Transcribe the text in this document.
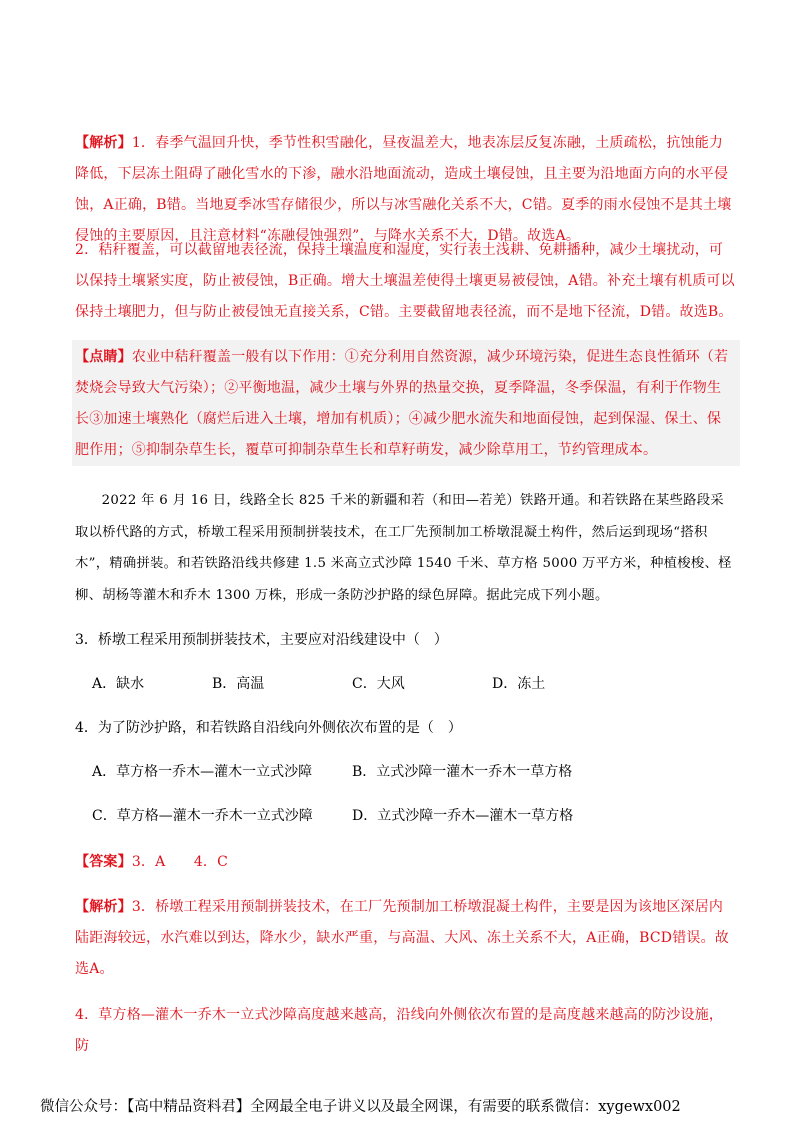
【解析】1．春季气温回升快，季节性积雪融化，昼夜温差大，地表冻层反复冻融，土质疏松，抗蚀能力降低，下层冻土阻碍了融化雪水的下渗，融水沿地面流动，造成土壤侵蚀，且主要为沿地面方向的水平侵蚀，A正确，B错。当地夏季冰雪存储很少，所以与冰雪融化关系不大，C错。夏季的雨水侵蚀不是其土壤侵蚀的主要原因，且注意材料“冻融侵蚀强烈”，与降水关系不大，D错。故选A。
2．秸秆覆盖，可以截留地表径流，保持土壤温度和湿度，实行表土浅耕、免耕播种，减少土壤扰动，可以保持土壤紧实度，防止被侵蚀，B正确。增大土壤温差使得土壤更易被侵蚀，A错。补充土壤有机质可以保持土壤肥力，但与防止被侵蚀无直接关系，C错。主要截留地表径流，而不是地下径流，D错。故选B。
【点睛】农业中秸秆覆盖一般有以下作用：①充分利用自然资源，减少环境污染，促进生态良性循环（若焚烧会导致大气污染）；②平衡地温，减少土壤与外界的热量交换，夏季降温，冬季保温，有利于作物生长③加速土壤熟化（腐烂后进入土壤，增加有机质）；④减少肥水流失和地面侵蚀，起到保湿、保土、保肥作用；⑤抑制杂草生长，覆草可抑制杂草生长和草籽萌发，减少除草用工，节约管理成本。
2022 年 6 月 16 日，线路全长 825 千米的新疆和若（和田—若羌）铁路开通。和若铁路在某些路段采取以桥代路的方式，桥墩工程采用预制拼装技术，在工厂先预制加工桥墩混凝土构件，然后运到现场“搭积木”，精确拼装。和若铁路沿线共修建 1.5 米高立式沙障 1540 千米、草方格 5000 万平方米，种植梭梭、柽柳、胡杨等灌木和乔木 1300 万株，形成一条防沙护路的绿色屏障。据此完成下列小题。
3．桥墩工程采用预制拼装技术，主要应对沿线建设中（　）
A．缺水	B．高温	C．大风	D．冻土
4．为了防沙护路，和若铁路自沿线向外侧依次布置的是（　）
A．草方格一乔木—灌木一立式沙障	B．立式沙障一灌木一乔木一草方格
C．草方格—灌木一乔木一立式沙障	D．立式沙障一乔木—灌木一草方格
【答案】3．A　　4．C
【解析】3．桥墩工程采用预制拼装技术，在工厂先预制加工桥墩混凝土构件，主要是因为该地区深居内陆距海较远，水汽难以到达，降水少，缺水严重，与高温、大风、冻土关系不大，A正确，BCD错误。故选A。
4．草方格—灌木一乔木一立式沙障高度越来越高，沿线向外侧依次布置的是高度越来越高的防沙设施，防
微信公众号：【高中精品资料君】全网最全电子讲义以及最全网课，有需要的联系微信：xygewx002
